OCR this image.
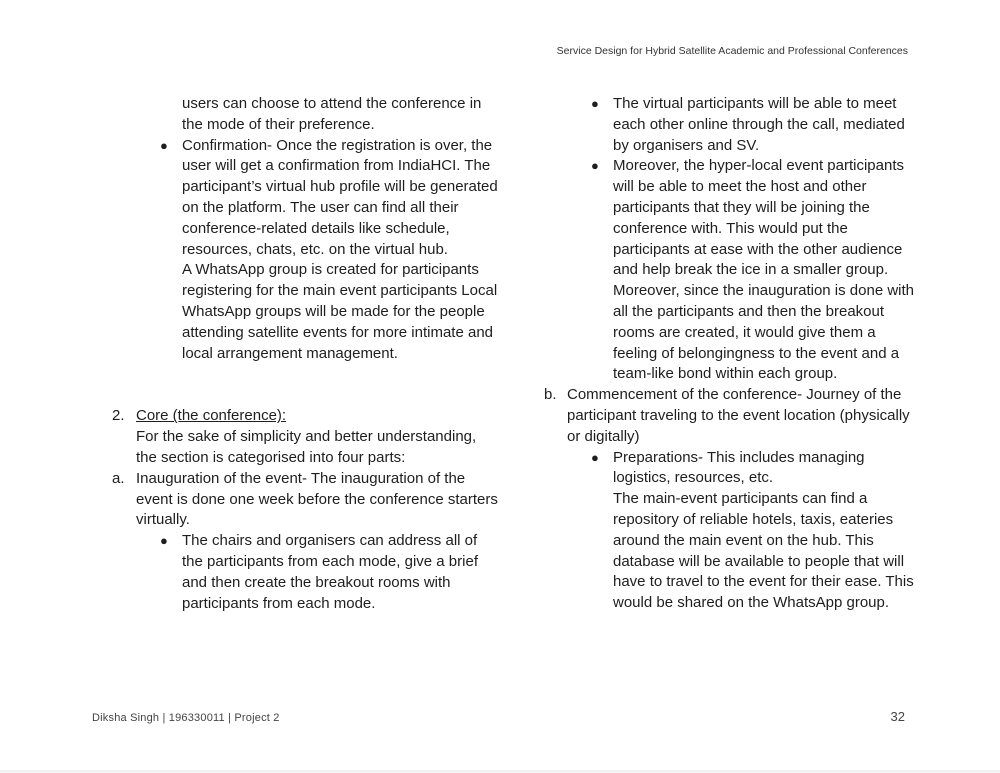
Service Design for Hybrid Satellite Academic and Professional Conferences

users can choose to attend the conference in the mode of their preference.

● Confirmation- Once the registration is over, the user will get a confirmation from IndiaHCI. The participant’s virtual hub profile will be generated on the platform. The user can find all their conference-related details like schedule, resources, chats, etc. on the virtual hub.

A WhatsApp group is created for participants registering for the main event participants Local WhatsApp groups will be made for the people attending satellite events for more intimate and local arrangement management.

2. Core (the conference):

For the sake of simplicity and better understanding, the section is categorised into four parts:

a. Inauguration of the event- The inauguration of the event is done one week before the conference starters virtually.

● The chairs and organisers can address all of the participants from each mode, give a brief and then create the breakout rooms with participants from each mode.

● The virtual participants will be able to meet each other online through the call, mediated by organisers and SV.

● Moreover, the hyper-local event participants will be able to meet the host and other participants that they will be joining the conference with. This would put the participants at ease with the other audience and help break the ice in a smaller group. Moreover, since the inauguration is done with all the participants and then the breakout rooms are created, it would give them a feeling of belongingness to the event and a team-like bond within each group.

b. Commencement of the conference- Journey of the participant traveling to the event location (physically or digitally)

● Preparations- This includes managing logistics, resources, etc.

The main-event participants can find a repository of reliable hotels, taxis, eateries around the main event on the hub. This database will be available to people that will have to travel to the event for their ease. This would be shared on the WhatsApp group.

Diksha Singh | 196330011 | Project 2	32
